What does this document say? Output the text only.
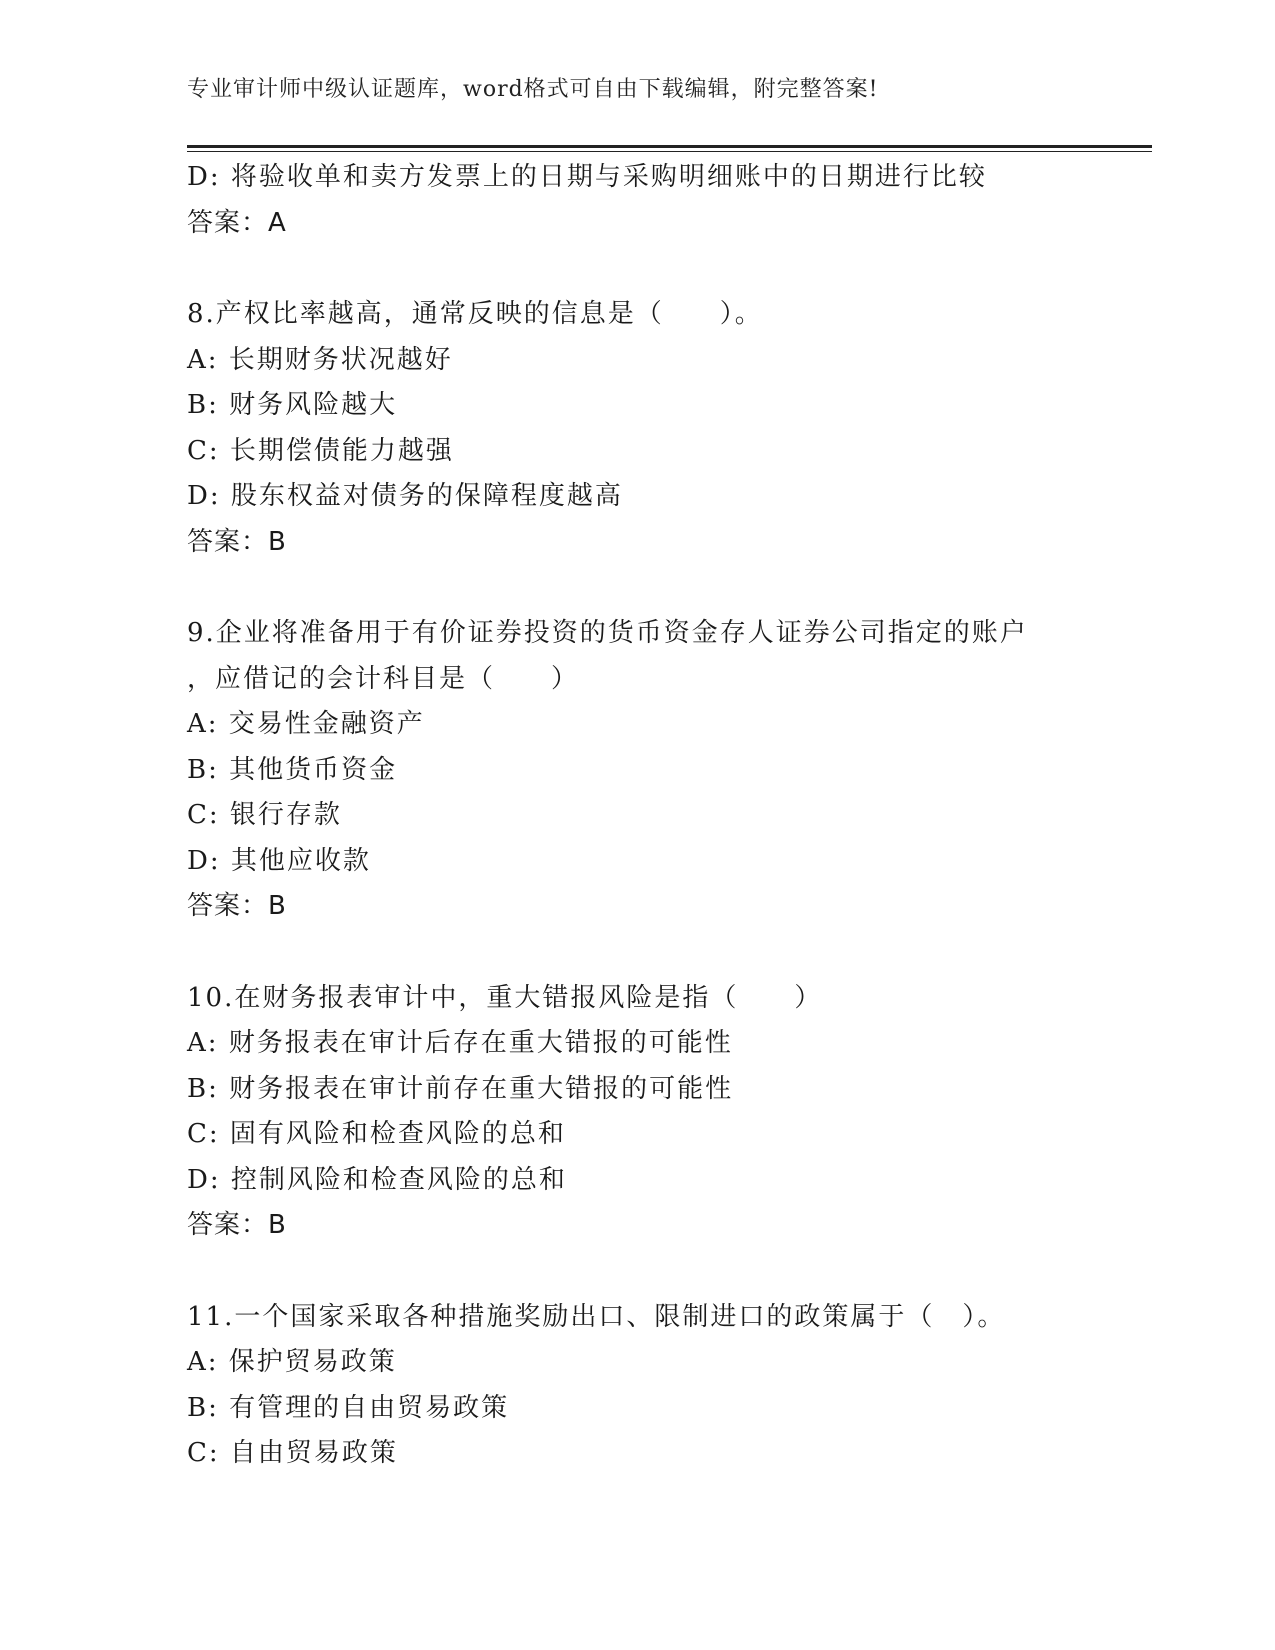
专业审计师中级认证题库，word格式可自由下载编辑，附完整答案!
D: 将验收单和卖方发票上的日期与采购明细账中的日期进行比较
答案：A
8.产权比率越高，通常反映的信息是（　　）。
A: 长期财务状况越好
B: 财务风险越大
C: 长期偿债能力越强
D: 股东权益对债务的保障程度越高
答案：B
9.企业将准备用于有价证券投资的货币资金存人证券公司指定的账户
，应借记的会计科目是（　　）
A: 交易性金融资产
B: 其他货币资金
C: 银行存款
D: 其他应收款
答案：B
10.在财务报表审计中，重大错报风险是指（　　）
A: 财务报表在审计后存在重大错报的可能性
B: 财务报表在审计前存在重大错报的可能性
C: 固有风险和检查风险的总和
D: 控制风险和检查风险的总和
答案：B
11.一个国家采取各种措施奖励出口、限制进口的政策属于（　）。
A: 保护贸易政策
B: 有管理的自由贸易政策
C: 自由贸易政策
